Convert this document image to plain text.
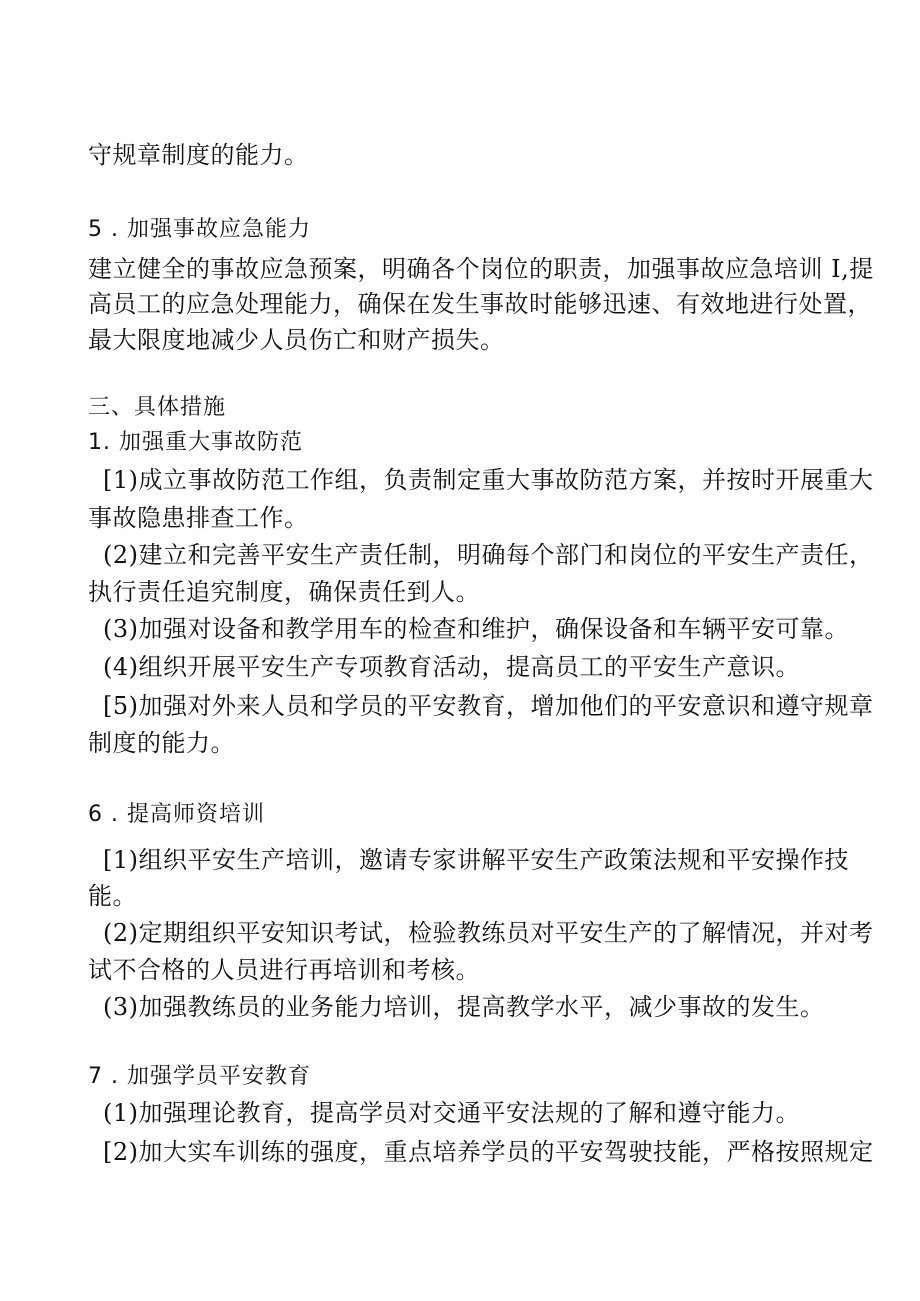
守规章制度的能力。
5 . 加强事故应急能力
建立健全的事故应急预案，明确各个岗位的职责，加强事故应急培训 I,提
高员工的应急处理能力，确保在发生事故时能够迅速、有效地进行处置，
最大限度地减少人员伤亡和财产损失。
三、具体措施
1. 加强重大事故防范
[1)成立事故防范工作组，负责制定重大事故防范方案，并按时开展重大
事故隐患排查工作。
(2)建立和完善平安生产责任制，明确每个部门和岗位的平安生产责任，
执行责任追究制度，确保责任到人。
(3)加强对设备和教学用车的检查和维护，确保设备和车辆平安可靠。
(4)组织开展平安生产专项教育活动，提高员工的平安生产意识。
[5)加强对外来人员和学员的平安教育，增加他们的平安意识和遵守规章
制度的能力。
6 . 提高师资培训
[1)组织平安生产培训，邀请专家讲解平安生产政策法规和平安操作技
能。
(2)定期组织平安知识考试，检验教练员对平安生产的了解情况，并对考
试不合格的人员进行再培训和考核。
(3)加强教练员的业务能力培训，提高教学水平，减少事故的发生。
7 . 加强学员平安教育
(1)加强理论教育，提高学员对交通平安法规的了解和遵守能力。
[2)加大实车训练的强度，重点培养学员的平安驾驶技能，严格按照规定
